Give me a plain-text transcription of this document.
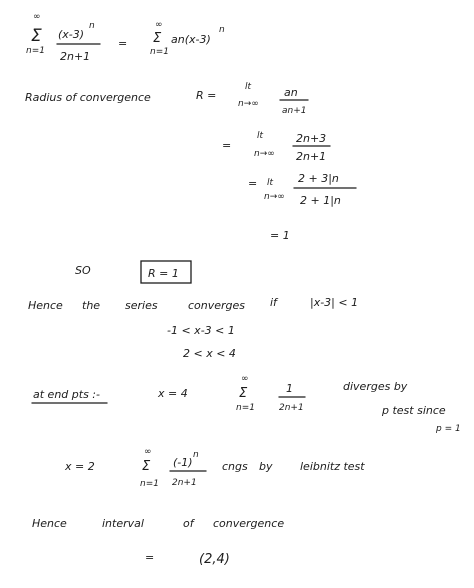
∞
Σ
n=1
(x-3)
n
2n+1
=
∞
Σ
n=1
an(x-3)
n
Radius of convergence	R =
lt
n→∞
an
an+1
=
lt
n→∞
2n+3
2n+1
= lt
n→∞
2 + 3|n
2 + 1|n
= 1
SO	R = 1
Hence the series	converges if	|x-3| < 1
-1 < x-3 < 1
2 < x < 4
at end pts :-	x = 4
∞
Σ
n=1
1
2n+1
diverges by
p test since
p = 1
x = 2
∞
Σ
n=1
(-1)
n
2n+1
cngs by	leibnitz test
Hence	interval	of convergence
=	(2,4)
